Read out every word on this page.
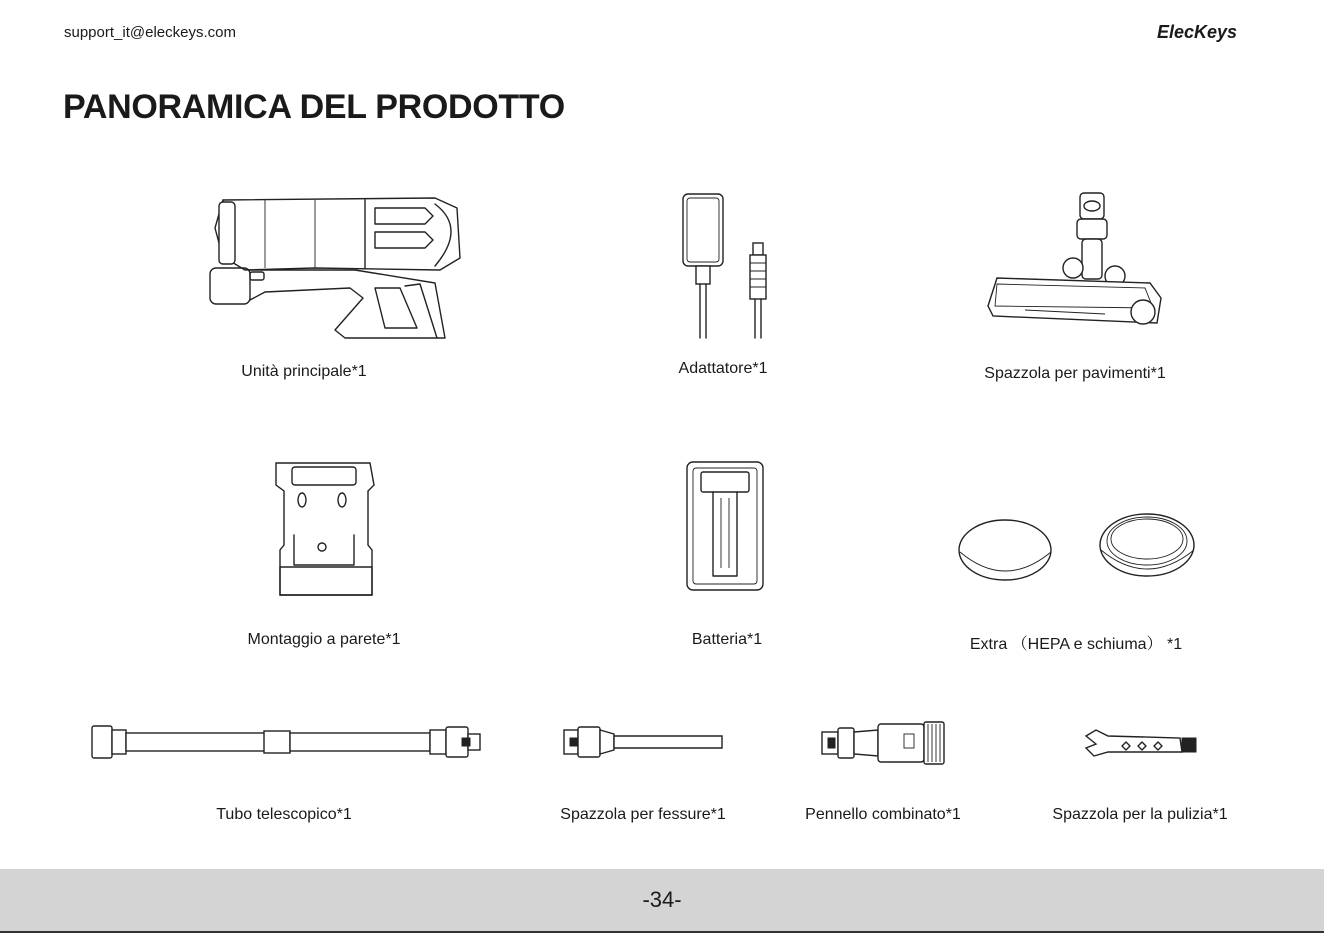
support_it@eleckeys.com	ElecKeys
PANORAMICA DEL PRODOTTO
Unità principale*1	Adattatore*1	Spazzola per pavimenti*1
Montaggio a parete*1	Batteria*1	Extra （HEPA e schiuma） *1
Tubo telescopico*1	Spazzola per fessure*1	Pennello combinato*1	Spazzola per la pulizia*1
-34-
